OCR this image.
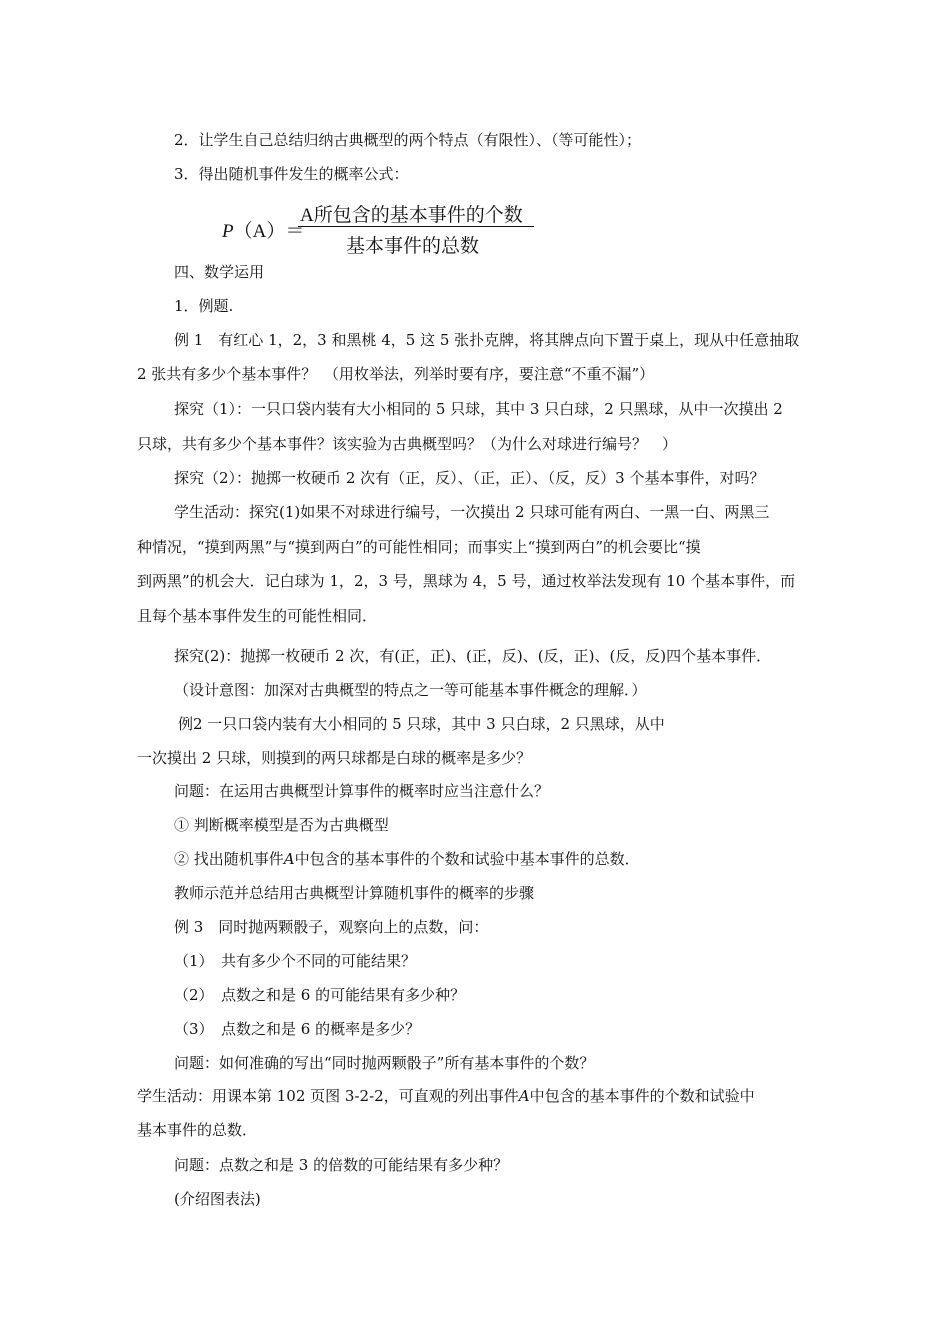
2．让学生自己总结归纳古典概型的两个特点（有限性）、（等可能性）；
3．得出随机事件发生的概率公式：
P（A）＝
A所包含的基本事件的个数
基本事件的总数
四、数学运用
1．例题.
例 1　有红心 1，2，3 和黑桃 4，5 这 5 张扑克牌，将其牌点向下置于桌上，现从中任意抽取
2 张共有多少个基本事件？　（用枚举法，列举时要有序，要注意“不重不漏”）
探究（1）：一只口袋内装有大小相同的 5 只球，其中 3 只白球，2 只黑球，从中一次摸出 2
只球，共有多少个基本事件？该实验为古典概型吗？（为什么对球进行编号？　）
探究（2）：抛掷一枚硬币 2 次有（正，反）、（正，正）、（反，反）3 个基本事件，对吗？
学生活动：探究(1)如果不对球进行编号，一次摸出 2 只球可能有两白、一黑一白、两黑三
种情况，“摸到两黑”与“摸到两白”的可能性相同；而事实上“摸到两白”的机会要比“摸
到两黑”的机会大．记白球为 1，2，3 号，黑球为 4，5 号，通过枚举法发现有 10 个基本事件，而
且每个基本事件发生的可能性相同．
探究(2)：抛掷一枚硬币 2 次，有(正，正)、(正，反)、(反，正)、(反，反)四个基本事件．
（设计意图：加深对古典概型的特点之一等可能基本事件概念的理解．）
例2 一只口袋内装有大小相同的 5 只球，其中 3 只白球，2 只黑球，从中
一次摸出 2 只球，则摸到的两只球都是白球的概率是多少？
问题：在运用古典概型计算事件的概率时应当注意什么？
① 判断概率模型是否为古典概型
② 找出随机事件A中包含的基本事件的个数和试验中基本事件的总数．
教师示范并总结用古典概型计算随机事件的概率的步骤
例 3　同时抛两颗骰子，观察向上的点数，问：
（1）　共有多少个不同的可能结果？
（2）　点数之和是 6 的可能结果有多少种？
（3）　点数之和是 6 的概率是多少？
问题：如何准确的写出“同时抛两颗骰子”所有基本事件的个数？
学生活动：用课本第 102 页图 3-2-2，可直观的列出事件A中包含的基本事件的个数和试验中
基本事件的总数．
问题：点数之和是 3 的倍数的可能结果有多少种？
(介绍图表法)
